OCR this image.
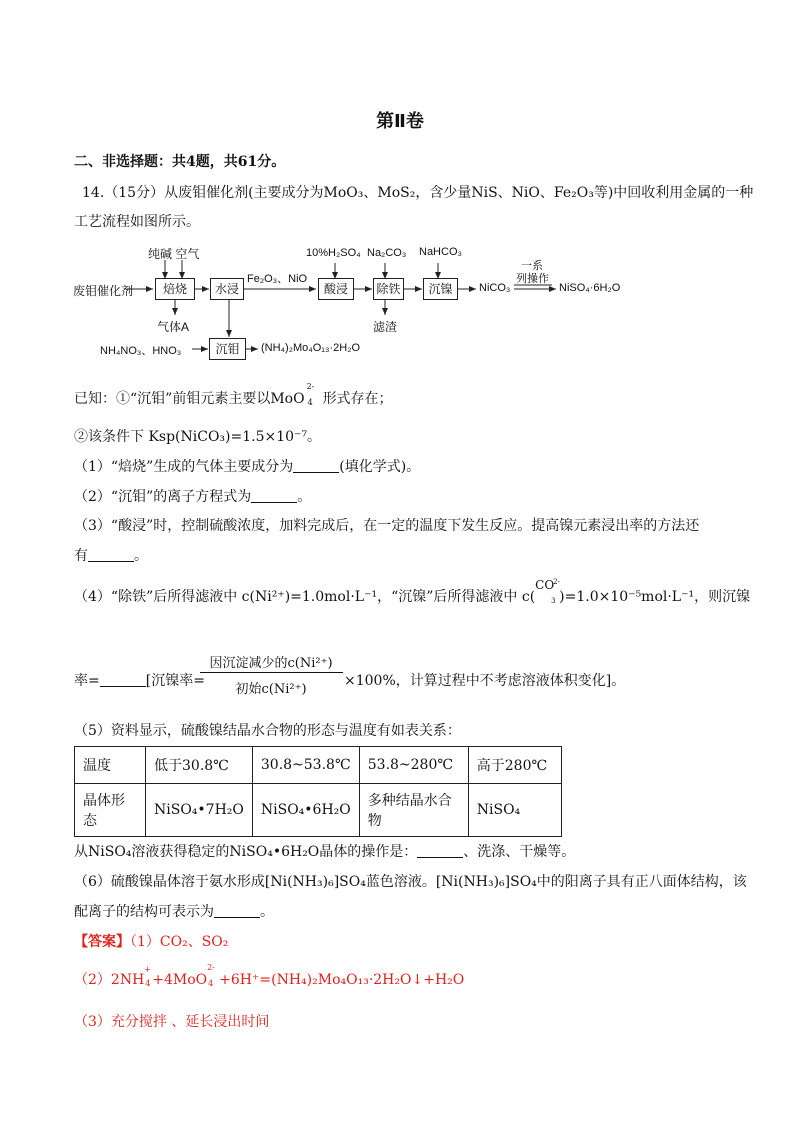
第Ⅱ卷
二、非选择题：共4题，共61分。
14.（15分）从废钼催化剂(主要成分为MoO₃、MoS₂，含少量NiS、NiO、Fe₂O₃等)中回收利用金属的一种
工艺流程如图所示。
废钼催化剂
纯碱 空气
焙烧
气体A
水浸
Fe₂O₃、NiO
10%H₂SO₄
酸浸
Na₂CO₃
除铁
滤渣
NaHCO₃
沉镍	NiCO₃
一系
列操作
NiSO₄·6H₂O
NH₄NO₃、HNO₃	沉钼	(NH₄)₂Mo₄O₁₃·2H₂O
已知：①“沉钼”前钼元素主要以MoO
2-
4 形式存在；
②该条件下 Ksp(NiCO₃)=1.5×10⁻⁷。
（1）“焙烧”生成的气体主要成分为	(填化学式)。
（2）“沉钼”的离子方程式为	。
（3）“酸浸”时，控制硫酸浓度，加料完成后，在一定的温度下发生反应。提高镍元素浸出率的方法还
有	。
（4）“除铁”后所得滤液中 c(Ni²⁺)=1.0mol·L⁻¹，“沉镍”后所得滤液中 c(
CO
2-
3 )=1.0×10⁻⁵mol·L⁻¹，则沉镍
率=	[沉镍率=
因沉淀减少的c(Ni²⁺)
初始c(Ni²⁺)
×100%，计算过程中不考虑溶液体积变化]。
（5）资料显示，硫酸镍结晶水合物的形态与温度有如表关系：
温度	低于30.8℃	30.8~53.8℃	53.8~280℃	高于280℃
晶体形态	NiSO₄•7H₂O	NiSO₄•6H₂O	多种结晶水合物	NiSO₄
从NiSO₄溶液获得稳定的NiSO₄•6H₂O晶体的操作是：	、洗涤、干燥等。
（6）硫酸镍晶体溶于氨水形成[Ni(NH₃)₆]SO₄蓝色溶液。[Ni(NH₃)₆]SO₄中的阳离子具有正八面体结构，该
配离子的结构可表示为	。
【答案】（1）CO₂、SO₂
（2）2NH
+
4 +4MoO
2-
4 +6H⁺=(NH₄)₂Mo₄O₁₃·2H₂O↓+H₂O
（3）充分搅拌 、延长浸出时间
